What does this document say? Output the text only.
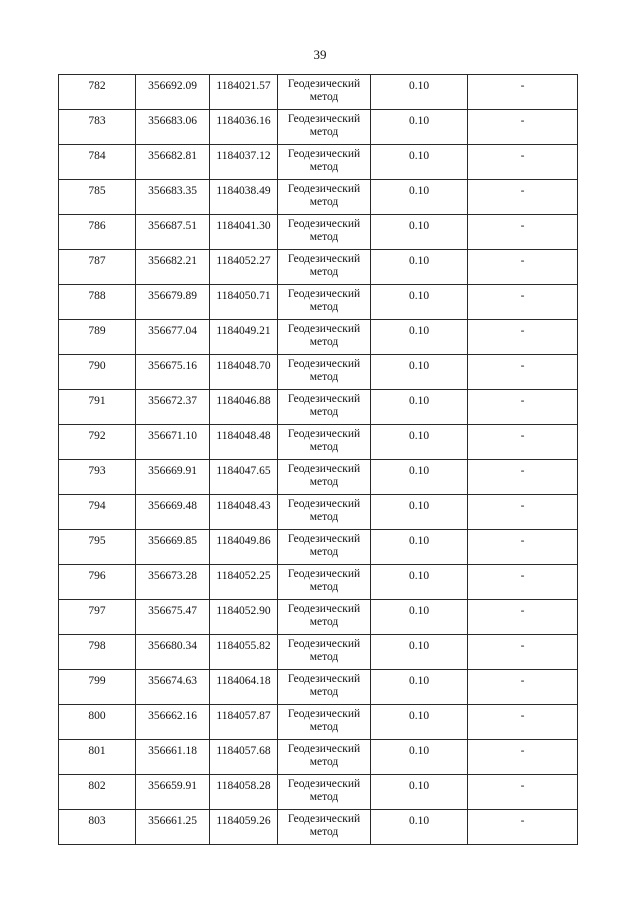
39
782	356692.09	1184021.57	Геодезический метод	0.10	-

783	356683.06	1184036.16	Геодезический метод	0.10	-

784	356682.81	1184037.12	Геодезический метод	0.10	-

785	356683.35	1184038.49	Геодезический метод	0.10	-

786	356687.51	1184041.30	Геодезический метод	0.10	-

787	356682.21	1184052.27	Геодезический метод	0.10	-

788	356679.89	1184050.71	Геодезический метод	0.10	-

789	356677.04	1184049.21	Геодезический метод	0.10	-

790	356675.16	1184048.70	Геодезический метод	0.10	-

791	356672.37	1184046.88	Геодезический метод	0.10	-

792	356671.10	1184048.48	Геодезический метод	0.10	-

793	356669.91	1184047.65	Геодезический метод	0.10	-

794	356669.48	1184048.43	Геодезический метод	0.10	-

795	356669.85	1184049.86	Геодезический метод	0.10	-

796	356673.28	1184052.25	Геодезический метод	0.10	-

797	356675.47	1184052.90	Геодезический метод	0.10	-

798	356680.34	1184055.82	Геодезический метод	0.10	-

799	356674.63	1184064.18	Геодезический метод	0.10	-

800	356662.16	1184057.87	Геодезический метод	0.10	-

801	356661.18	1184057.68	Геодезический метод	0.10	-

802	356659.91	1184058.28	Геодезический метод	0.10	-

803	356661.25	1184059.26	Геодезический метод	0.10	-
